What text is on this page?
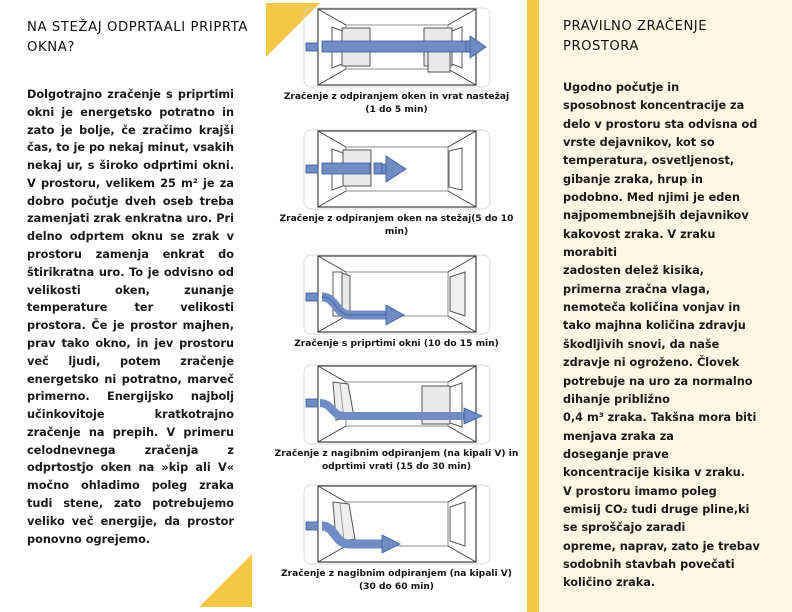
NA STEŽAJ ODPRTAALI PRIPRTA OKNA?

Dolgotrajno zračenje s priprtimi okni je energetsko potratno in zato je bolje, če zračimo krajši čas, to je po nekaj minut, vsakih nekaj ur, s široko odprtimi okni. V prostoru, velikem 25 m² je za dobro počutje dveh oseb treba zamenjati zrak enkratna uro. Pri delno odprtem oknu se zrak v prostoru zamenja enkrat do štirikratna uro. To je odvisno od velikosti oken, zunanje temperature ter velikosti prostora. Če je prostor majhen, prav tako okno, in jev prostoru več ljudi, potem zračenje energetsko ni potratno, marveč primerno. Energijsko najbolj učinkovitoje kratkotrajno zračenje na prepih. V primeru celodnevnega zračenja z odprtostjo oken na »kip ali V« močno ohladimo poleg zraka tudi stene, zato potrebujemo veliko več energije, da prostor ponovno ogrejemo.

Zračenje z odpiranjem oken in vrat nastežaj
(1 do 5 min)
Zračenje z odpiranjem oken na stežaj(5 do 10
min)
Zračenje s priprtimi okni (10 do 15 min)
Zračenje z nagibnim odpiranjem (na kipali V) in
odprtimi vrati (15 do 30 min)
Zračenje z nagibnim odpiranjem (na kipali V)
(30 do 60 min)
PRAVILNO ZRAČENJE PROSTORA

Ugodno počutje in

sposobnost koncentracije za

delo v prostoru sta odvisna od

vrste dejavnikov, kot so

temperatura, osvetljenost,

gibanje zraka, hrup in

podobno. Med njimi je eden

najpomembnejših dejavnikov

kakovost zraka. V zraku morabiti

zadosten delež kisika,

primerna zračna vlaga,

nemoteča količina vonjav in

tako majhna količina zdravju

škodljivih snovi, da naše

zdravje ni ogroženo. Človek

potrebuje na uro za normalno

dihanje približno

0,4 m³ zraka. Takšna mora biti

menjava zraka za

doseganje prave

koncentracije kisika v zraku.

V prostoru imamo poleg

emisij CO₂ tudi druge pline,ki

se sproščajo zaradi

opreme, naprav, zato je trebav

sodobnih stavbah povečati

količino zraka.
